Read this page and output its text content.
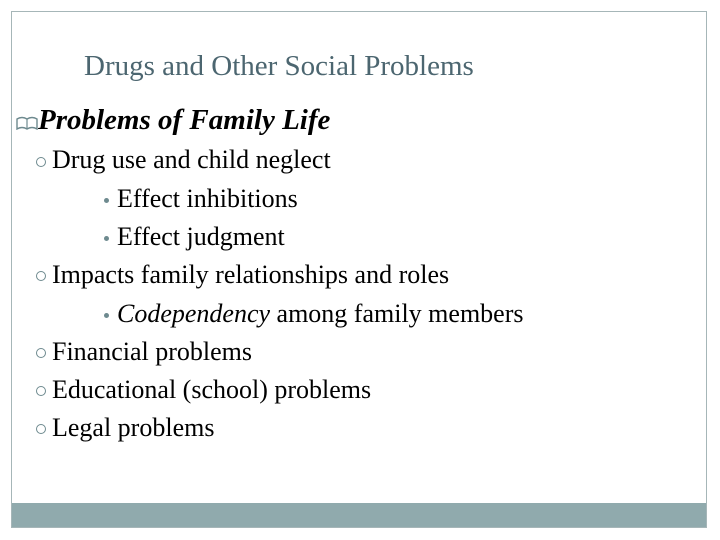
Drugs and Other Social Problems
Problems of Family Life
Drug use and child neglect
Effect inhibitions
Effect judgment
Impacts family relationships and roles
Codependency among family members
Financial problems
Educational (school) problems
Legal problems
